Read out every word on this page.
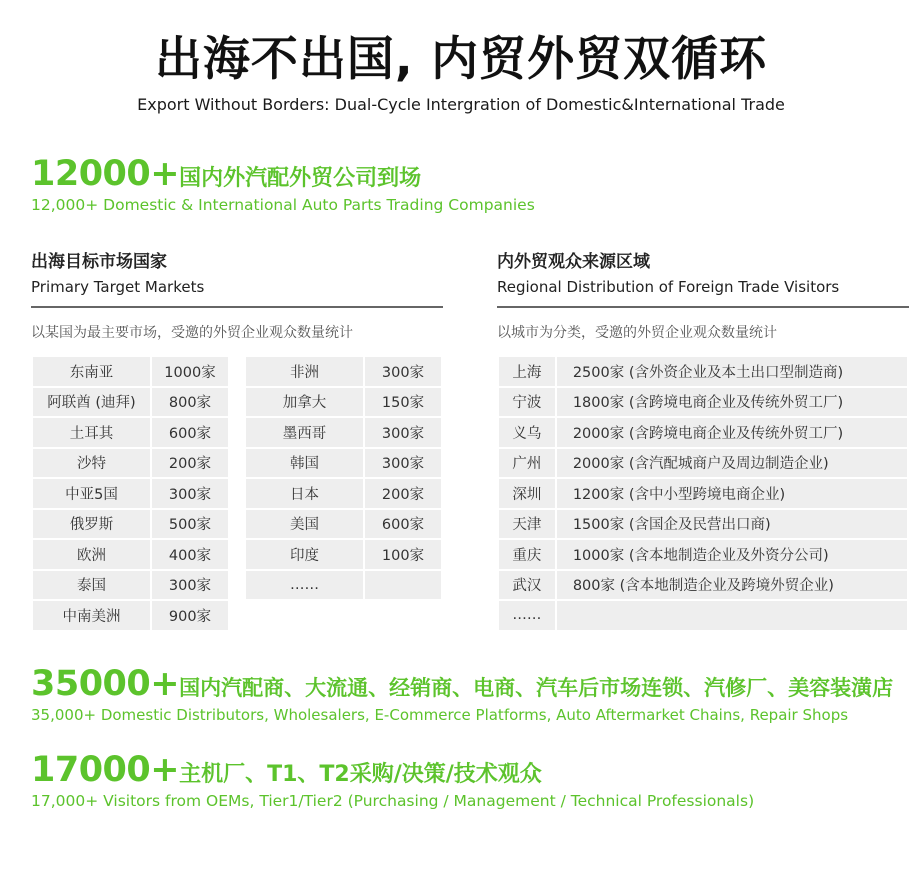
出海不出国, 内贸外贸双循环
Export Without Borders: Dual-Cycle Intergration of Domestic&International Trade
12000+国内外汽配外贸公司到场
12,000+ Domestic & International Auto Parts Trading Companies
出海目标市场国家
Primary Target Markets
以某国为最主要市场，受邀的外贸企业观众数量统计
东南亚	1000家
阿联酋 (迪拜)	800家
土耳其	600家
沙特	200家
中亚5国	300家
俄罗斯	500家
欧洲	400家
泰国	300家
中南美洲	900家
非洲	300家
加拿大	150家
墨西哥	300家
韩国	300家
日本	200家
美国	600家
印度	100家
……	
内外贸观众来源区域
Regional Distribution of Foreign Trade Visitors
以城市为分类，受邀的外贸企业观众数量统计
上海	2500家 (含外资企业及本土出口型制造商)
宁波	1800家 (含跨境电商企业及传统外贸工厂)
义乌	2000家 (含跨境电商企业及传统外贸工厂)
广州	2000家 (含汽配城商户及周边制造企业)
深圳	1200家 (含中小型跨境电商企业)
天津	1500家 (含国企及民营出口商)
重庆	1000家 (含本地制造企业及外资分公司)
武汉	800家 (含本地制造企业及跨境外贸企业)
……	
35000+国内汽配商、大流通、经销商、电商、汽车后市场连锁、汽修厂、美容装潢店
35,000+ Domestic Distributors, Wholesalers, E-Commerce Platforms, Auto Aftermarket Chains, Repair Shops
17000+主机厂、T1、T2采购/决策/技术观众
17,000+ Visitors from OEMs, Tier1/Tier2 (Purchasing / Management / Technical Professionals)
